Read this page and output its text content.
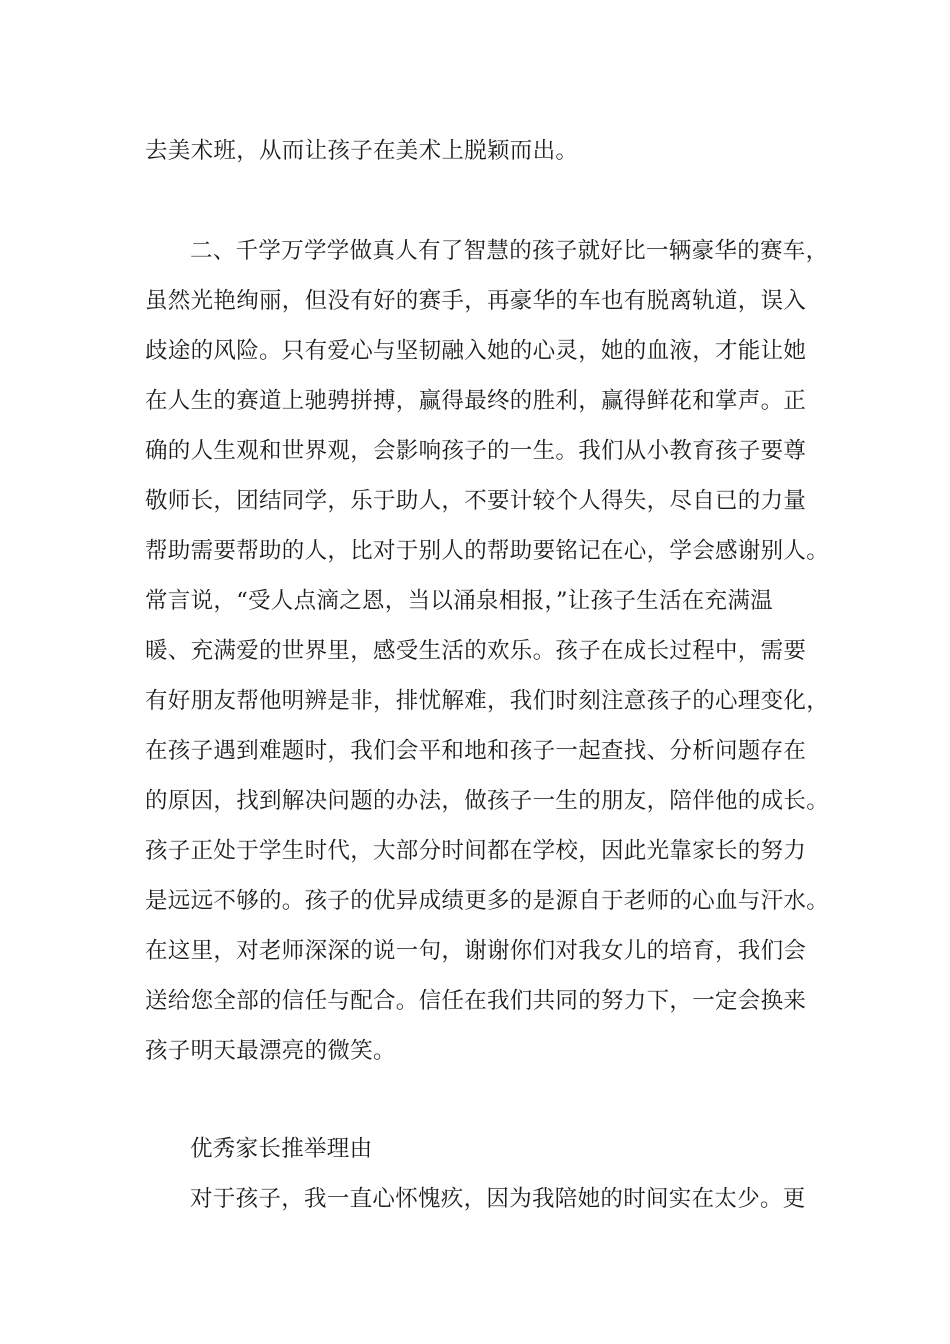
去美术班，从而让孩子在美术上脱颖而出。
二、千学万学学做真人有了智慧的孩子就好比一辆豪华的赛车，
虽然光艳绚丽，但没有好的赛手，再豪华的车也有脱离轨道，误入
歧途的风险。只有爱心与坚韧融入她的心灵，她的血液，才能让她
在人生的赛道上驰骋拼搏，赢得最终的胜利，赢得鲜花和掌声。正
确的人生观和世界观，会影响孩子的一生。我们从小教育孩子要尊
敬师长，团结同学，乐于助人，不要计较个人得失，尽自已的力量
帮助需要帮助的人，比对于别人的帮助要铭记在心，学会感谢别人。
常言说，“受人点滴之恩，当以涌泉相报，”让孩子生活在充满温
暖、充满爱的世界里，感受生活的欢乐。孩子在成长过程中，需要
有好朋友帮他明辨是非，排忧解难，我们时刻注意孩子的心理变化，
在孩子遇到难题时，我们会平和地和孩子一起查找、分析问题存在
的原因，找到解决问题的办法，做孩子一生的朋友，陪伴他的成长。
孩子正处于学生时代，大部分时间都在学校，因此光靠家长的努力
是远远不够的。孩子的优异成绩更多的是源自于老师的心血与汗水。
在这里，对老师深深的说一句，谢谢你们对我女儿的培育，我们会
送给您全部的信任与配合。信任在我们共同的努力下，一定会换来
孩子明天最漂亮的微笑。
优秀家长推举理由
对于孩子，我一直心怀愧疚，因为我陪她的时间实在太少。更
